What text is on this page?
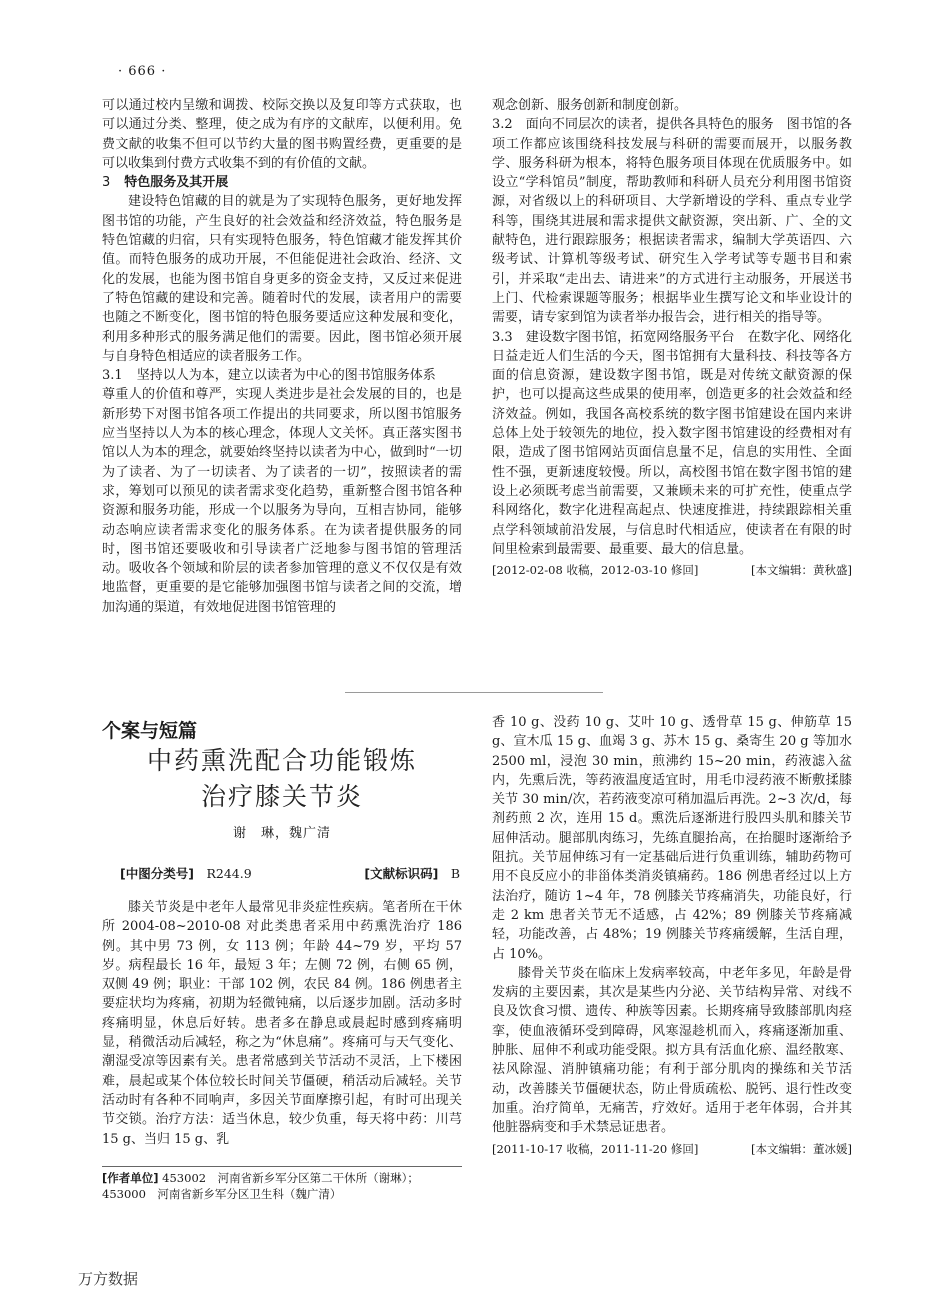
· 666 ·

可以通过校内呈缴和调拨、校际交换以及复印等方式获取，也可以通过分类、整理，使之成为有序的文献库，以便利用。免费文献的收集不但可以节约大量的图书购置经费，更重要的是可以收集到付费方式收集不到的有价值的文献。

3 特色服务及其开展

建设特色馆藏的目的就是为了实现特色服务，更好地发挥图书馆的功能，产生良好的社会效益和经济效益，特色服务是特色馆藏的归宿，只有实现特色服务，特色馆藏才能发挥其价值。而特色服务的成功开展，不但能促进社会政治、经济、文化的发展，也能为图书馆自身更多的资金支持，又反过来促进了特色馆藏的建设和完善。随着时代的发展，读者用户的需要也随之不断变化，图书馆的特色服务要适应这种发展和变化，利用多种形式的服务满足他们的需要。因此，图书馆必须开展与自身特色相适应的读者服务工作。

3.1 坚持以人为本，建立以读者为中心的图书馆服务体系

尊重人的价值和尊严，实现人类进步是社会发展的目的，也是新形势下对图书馆各项工作提出的共同要求，所以图书馆服务应当坚持以人为本的核心理念，体现人文关怀。真正落实图书馆以人为本的理念，就要始终坚持以读者为中心，做到时“一切为了读者、为了一切读者、为了读者的一切”，按照读者的需求，筹划可以预见的读者需求变化趋势，重新整合图书馆各种资源和服务功能，形成一个以服务为导向，互相吉协同，能够动态响应读者需求变化的服务体系。在为读者提供服务的同时，图书馆还要吸收和引导读者广泛地参与图书馆的管理活动。吸收各个领域和阶层的读者参加管理的意义不仅仅是有效地监督，更重要的是它能够加强图书馆与读者之间的交流，增加沟通的渠道，有效地促进图书馆管理的

观念创新、服务创新和制度创新。

3.2　 面向不同层次的读者，提供各具特色的服务　 图书馆的各项工作都应该围绕科技发展与科研的需要而展开，以服务教学、服务科研为根本，将特色服务项目体现在优质服务中。如设立“学科馆员”制度，帮助教师和科研人员充分利用图书馆资源，对省级以上的科研项目、大学新增设的学科、重点专业学科等，围绕其进展和需求提供文献资源，突出新、广、全的文献特色，进行跟踪服务；根据读者需求，编制大学英语四、六级考试、计算机等级考试、研究生入学考试等专题书目和索引，并采取“走出去、请进来”的方式进行主动服务，开展送书上门、代检索课题等服务；根据毕业生撰写论文和毕业设计的需要，请专家到馆为读者举办报告会，进行相关的指导等。

3.3　 建设数字图书馆，拓宽网络服务平台　 在数字化、网络化日益走近人们生活的今天，图书馆拥有大量科技、科技等各方面的信息资源，建设数字图书馆，既是对传统文献资源的保护，也可以提高这些成果的使用率，创造更多的社会效益和经济效益。例如，我国各高校系统的数字图书馆建设在国内来讲总体上处于较领先的地位，投入数字图书馆建设的经费相对有限，造成了图书馆网站页面信息量不足，信息的实用性、全面性不强，更新速度较慢。所以，高校图书馆在数字图书馆的建设上必须既考虑当前需要，又兼顾未来的可扩充性，使重点学科网络化，数字化进程高起点、快速度推进，持续跟踪相关重点学科领域前沿发展，与信息时代相适应，使读者在有限的时间里检索到最需要、最重要、最大的信息量。

[2012-02-08 收稿，2012-03-10 修回]	[本文编辑：黄秋盛]
个案与短篇
中药熏洗配合功能锻炼
治疗膝关节炎
谢　琳，魏广清
[中图分类号]　 R244.9	[文献标识码]　 B

膝关节炎是中老年人最常见非炎症性疾病。笔者所在干休所 2004-08~2010-08 对此类患者采用中药熏洗治疗 186 例。其中男 73 例，女 113 例；年龄 44~79 岁，平均 57 岁。病程最长 16 年，最短 3 年；左侧 72 例，右侧 65 例，双侧 49 例；职业：干部 102 例，农民 84 例。186 例患者主要症状均为疼痛，初期为轻微钝痛，以后逐步加剧。活动多时疼痛明显，休息后好转。患者多在静息或晨起时感到疼痛明显，稍微活动后减轻，称之为“休息痛”。疼痛可与天气变化、潮湿受凉等因素有关。患者常感到关节活动不灵活，上下楼困难，晨起或某个体位较长时间关节僵硬，稍活动后减轻。关节活动时有各种不同响声，多因关节面摩擦引起，有时可出现关节交锁。治疗方法：适当休息，较少负重，每天将中药：川芎 15 g、当归 15 g、乳

[作者单位] 453002　河南省新乡军分区第二干休所（谢琳）；453000　河南省新乡军分区卫生科（魏广清）

香 10 g、没药 10 g、艾叶 10 g、透骨草 15 g、伸筋草 15 g、宣木瓜 15 g、血竭 3 g、苏木 15 g、桑寄生 20 g 等加水 2500 ml，浸泡 30 min，煎沸约 15~20 min，药液滤入盆内，先熏后洗，等药液温度适宜时，用毛巾浸药液不断敷揉膝关节 30 min/次，若药液变凉可稍加温后再洗。2~3 次/d，每剂药煎 2 次，连用 15 d。熏洗后逐渐进行股四头肌和膝关节屈伸活动。腿部肌肉练习，先练直腿抬高，在抬腿时逐渐给予阻抗。关节屈伸练习有一定基础后进行负重训练，辅助药物可用不良反应小的非甾体类消炎镇痛药。186 例患者经过以上方法治疗，随访 1~4 年，78 例膝关节疼痛消失，功能良好，行走 2 km 患者关节无不适感，占 42%；89 例膝关节疼痛减轻，功能改善，占 48%；19 例膝关节疼痛缓解，生活自理，占 10%。

膝骨关节炎在临床上发病率较高，中老年多见，年龄是骨发病的主要因素，其次是某些内分泌、关节结构异常、对线不良及饮食习惯、遗传、种族等因素。长期疼痛导致膝部肌肉痉挛，使血液循环受到障碍，风寒湿趁机而入，疼痛逐渐加重、肿胀、屈伸不利或功能受限。拟方具有活血化瘀、温经散寒、祛风除湿、消肿镇痛功能；有利于部分肌肉的操练和关节活动，改善膝关节僵硬状态，防止骨质疏松、脱钙、退行性改变加重。治疗简单，无痛苦，疗效好。适用于老年体弱，合并其他脏器病变和手术禁忌证患者。

[2011-10-17 收稿，2011-11-20 修回]	[本文编辑：董冰媛]
万方数据
